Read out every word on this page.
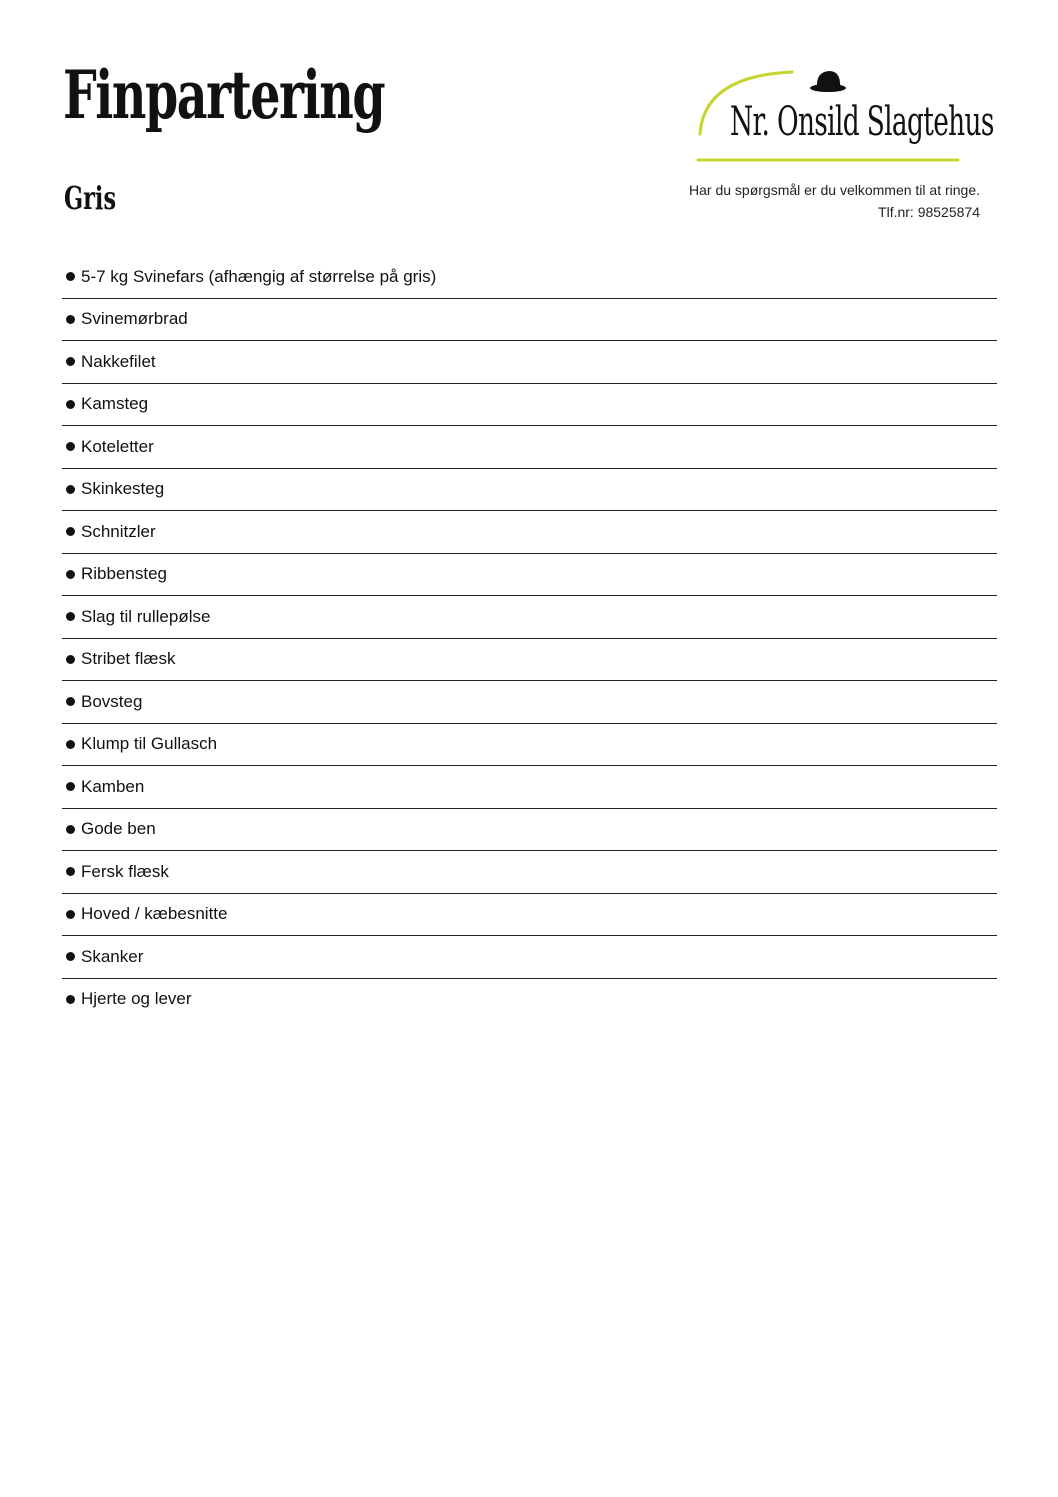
Finpartering
Gris
Nr. Onsild Slagtehus
Har du spørgsmål er du velkommen til at ringe.
Tlf.nr: 98525874
5-7 kg Svinefars (afhængig af størrelse på gris)
Svinemørbrad
Nakkefilet
Kamsteg
Koteletter
Skinkesteg
Schnitzler
Ribbensteg
Slag til rullepølse
Stribet flæsk
Bovsteg
Klump til Gullasch
Kamben
Gode ben
Fersk flæsk
Hoved / kæbesnitte
Skanker
Hjerte og lever
